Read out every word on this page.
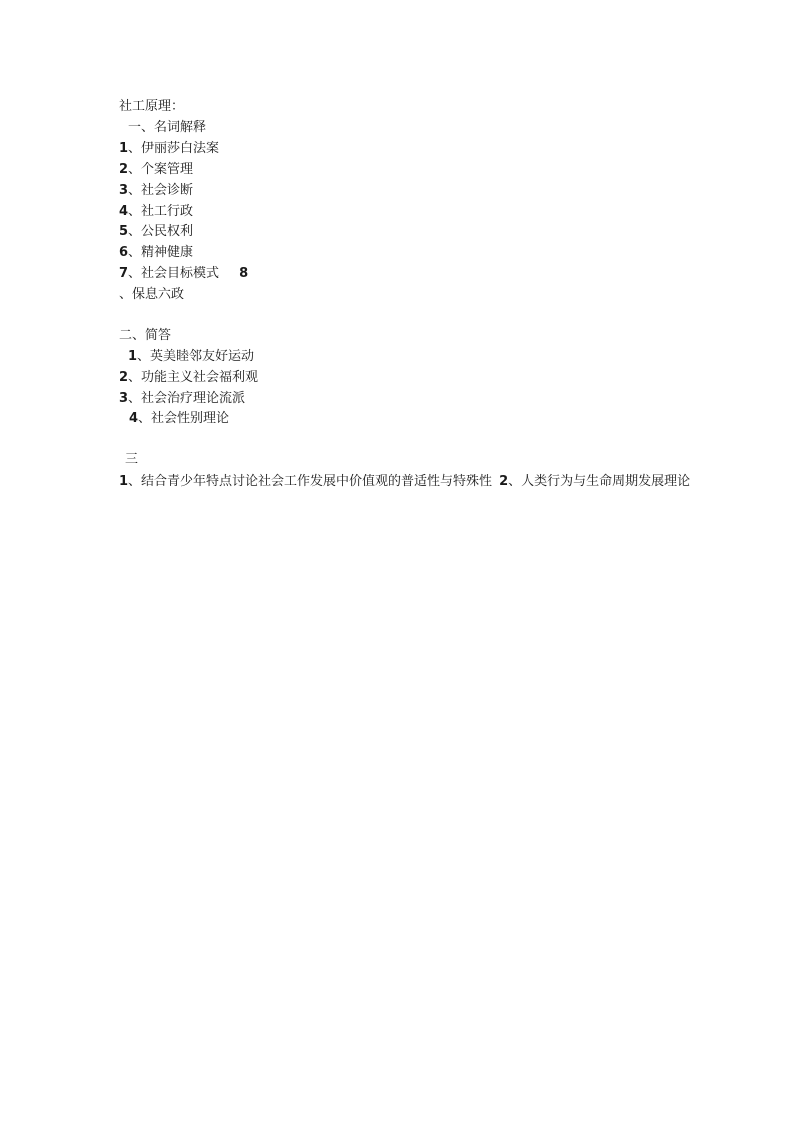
社工原理：
一、名词解释
1、伊丽莎白法案
2、个案管理
3、社会诊断
4、社工行政
5、公民权利
6、精神健康
7、社会目标模式 8
、保息六政
二、简答
1、英美睦邻友好运动
2、功能主义社会福利观
3、社会治疗理论流派
4、社会性别理论
三
1、结合青少年特点讨论社会工作发展中价值观的普适性与特殊性 2、人类行为与生命周期发展理论
